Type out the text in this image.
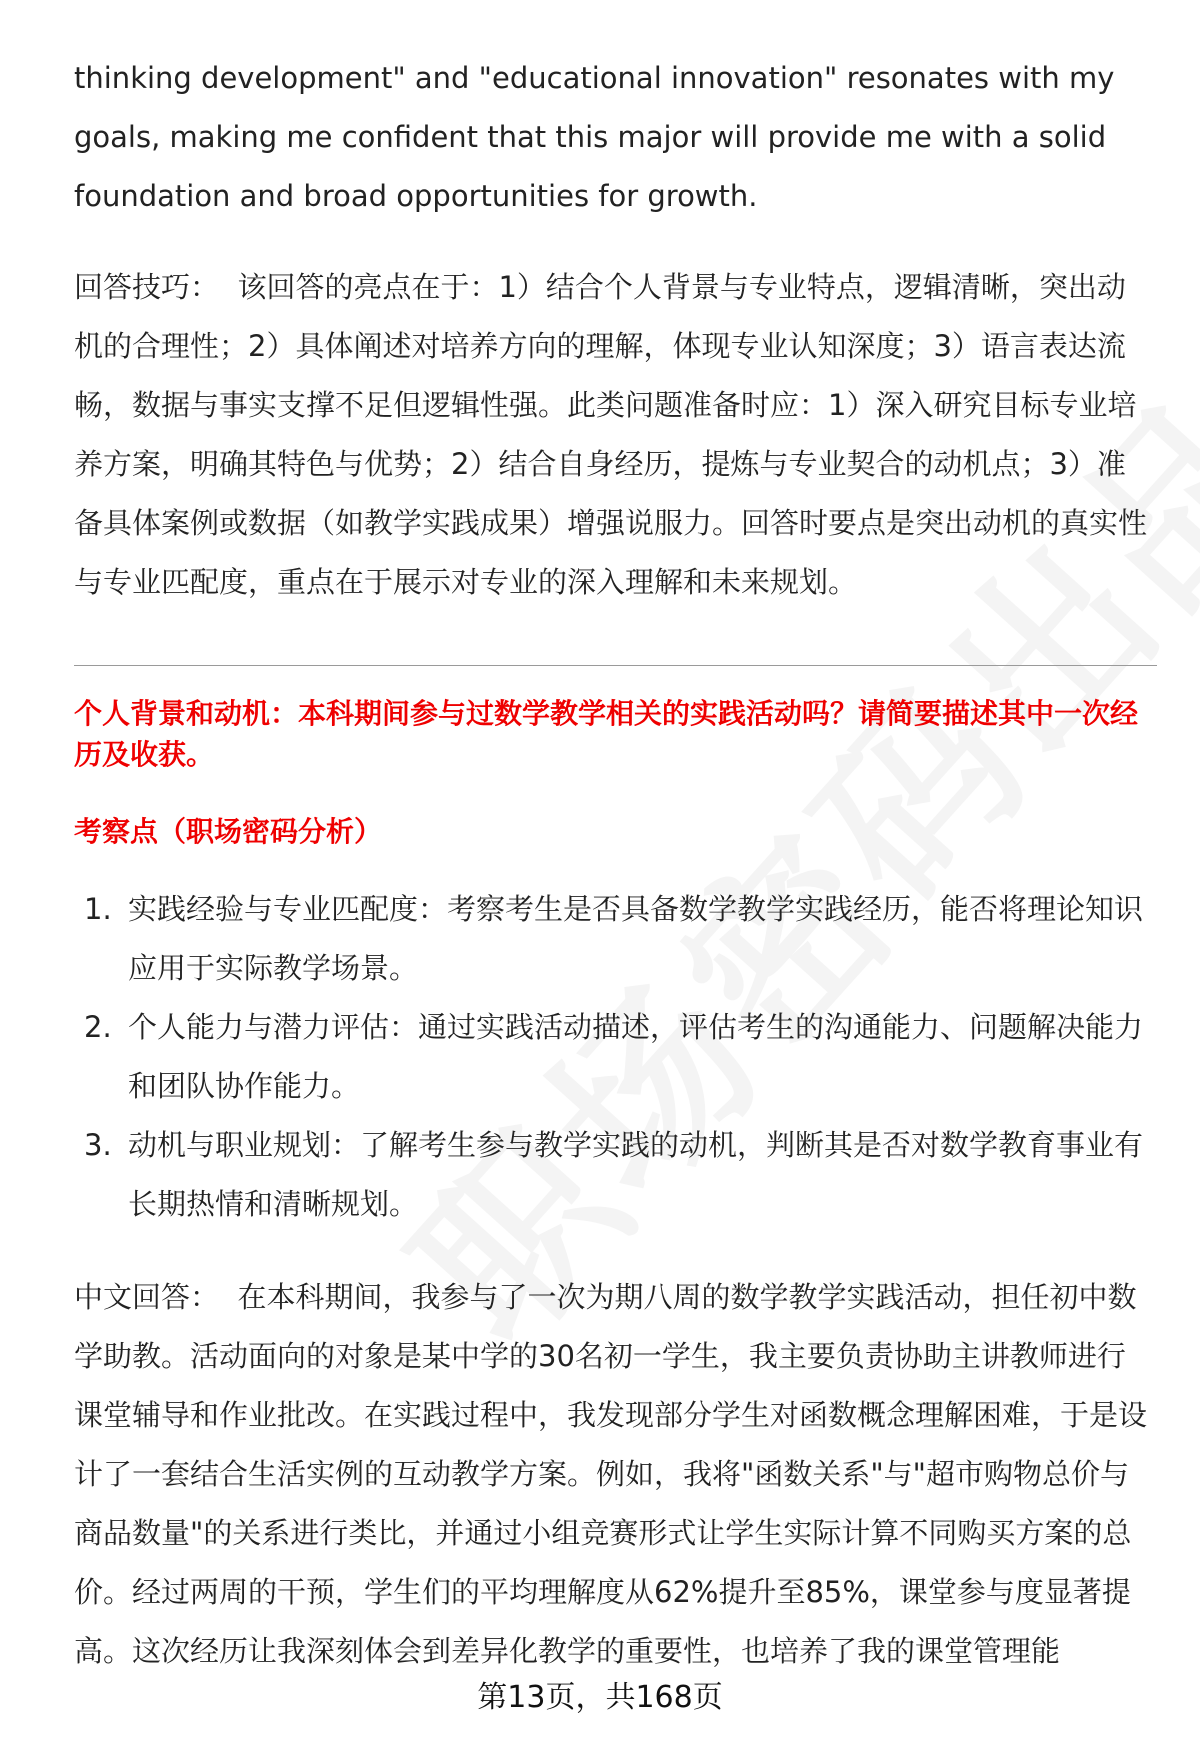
thinking development" and "educational innovation" resonates with my goals, making me confident that this major will provide me with a solid foundation and broad opportunities for growth.

回答技巧： 该回答的亮点在于：1）结合个人背景与专业特点，逻辑清晰，突出动机的合理性；2）具体阐述对培养方向的理解，体现专业认知深度；3）语言表达流畅，数据与事实支撑不足但逻辑性强。此类问题准备时应：1）深入研究目标专业培养方案，明确其特色与优势；2）结合自身经历，提炼与专业契合的动机点；3）准备具体案例或数据（如教学实践成果）增强说服力。回答时要点是突出动机的真实性与专业匹配度，重点在于展示对专业的深入理解和未来规划。

个人背景和动机：本科期间参与过数学教学相关的实践活动吗？请简要描述其中一次经历及收获。

考察点（职场密码分析）

1. 实践经验与专业匹配度：考察考生是否具备数学教学实践经历，能否将理论知识应用于实际教学场景。
2. 个人能力与潜力评估：通过实践活动描述，评估考生的沟通能力、问题解决能力和团队协作能力。
3. 动机与职业规划：了解考生参与教学实践的动机，判断其是否对数学教育事业有长期热情和清晰规划。

中文回答： 在本科期间，我参与了一次为期八周的数学教学实践活动，担任初中数学助教。活动面向的对象是某中学的30名初一学生，我主要负责协助主讲教师进行课堂辅导和作业批改。在实践过程中，我发现部分学生对函数概念理解困难，于是设计了一套结合生活实例的互动教学方案。例如，我将"函数关系"与"超市购物总价与商品数量"的关系进行类比，并通过小组竞赛形式让学生实际计算不同购买方案的总价。经过两周的干预，学生们的平均理解度从62%提升至85%，课堂参与度显著提高。这次经历让我深刻体会到差异化教学的重要性，也培养了我的课堂管理能

第13页，共168页
